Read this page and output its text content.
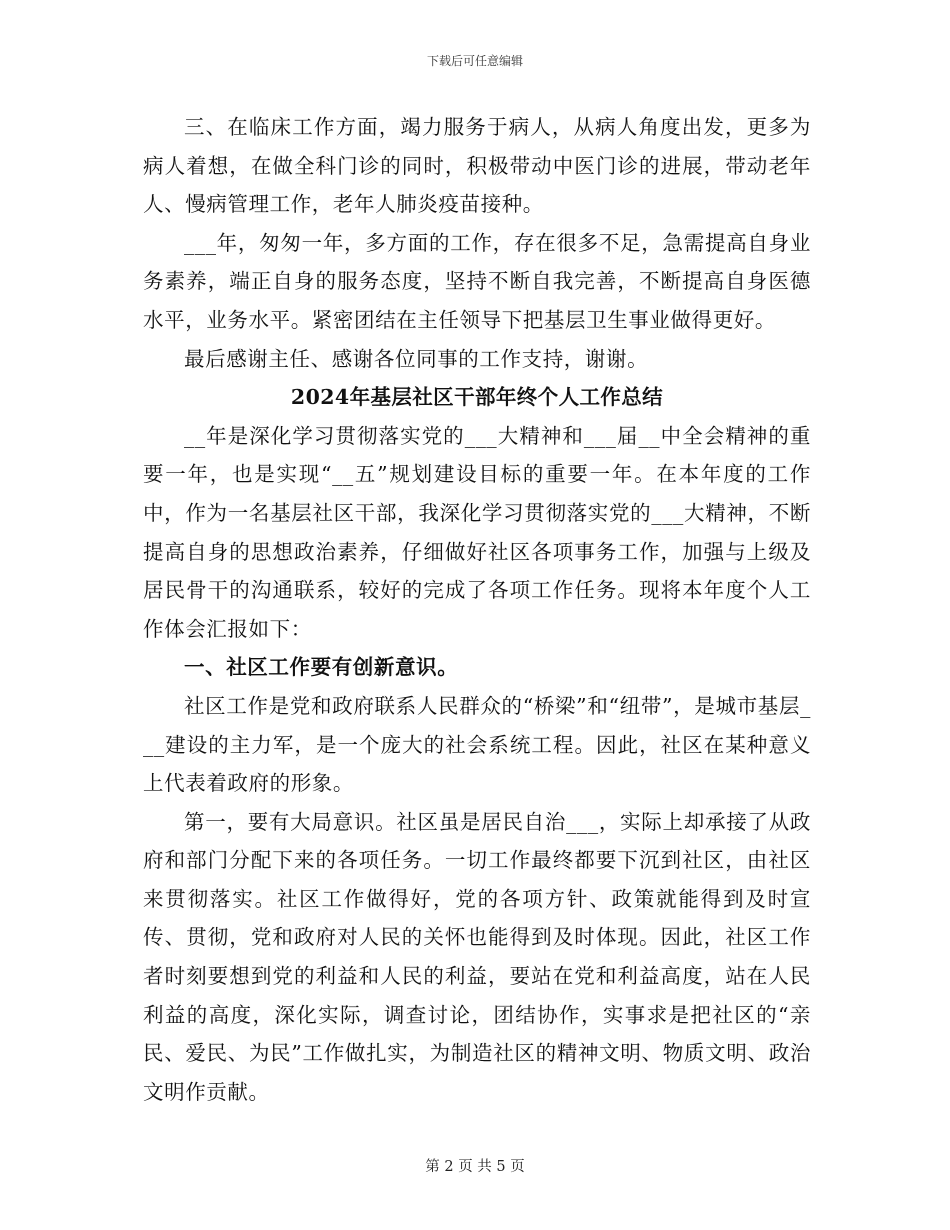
下载后可任意编辑

三、在临床工作方面，竭力服务于病人，从病人角度出发，更多为病人着想，在做全科门诊的同时，积极带动中医门诊的进展，带动老年人、慢病管理工作，老年人肺炎疫苗接种。

___年，匆匆一年，多方面的工作，存在很多不足，急需提高自身业务素养，端正自身的服务态度，坚持不断自我完善，不断提高自身医德水平，业务水平。紧密团结在主任领导下把基层卫生事业做得更好。

最后感谢主任、感谢各位同事的工作支持，谢谢。

2024年基层社区干部年终个人工作总结

__年是深化学习贯彻落实党的___大精神和___届__中全会精神的重要一年，也是实现“__五”规划建设目标的重要一年。在本年度的工作中，作为一名基层社区干部，我深化学习贯彻落实党的___大精神，不断提高自身的思想政治素养，仔细做好社区各项事务工作，加强与上级及居民骨干的沟通联系，较好的完成了各项工作任务。现将本年度个人工作体会汇报如下：

一、社区工作要有创新意识。

社区工作是党和政府联系人民群众的“桥梁”和“纽带”，是城市基层___建设的主力军，是一个庞大的社会系统工程。因此，社区在某种意义上代表着政府的形象。

第一，要有大局意识。社区虽是居民自治___，实际上却承接了从政府和部门分配下来的各项任务。一切工作最终都要下沉到社区，由社区来贯彻落实。社区工作做得好，党的各项方针、政策就能得到及时宣传、贯彻，党和政府对人民的关怀也能得到及时体现。因此，社区工作者时刻要想到党的利益和人民的利益，要站在党和利益高度，站在人民利益的高度，深化实际，调查讨论，团结协作，实事求是把社区的“亲民、爱民、为民”工作做扎实，为制造社区的精神文明、物质文明、政治文明作贡献。

第 2 页 共 5 页
